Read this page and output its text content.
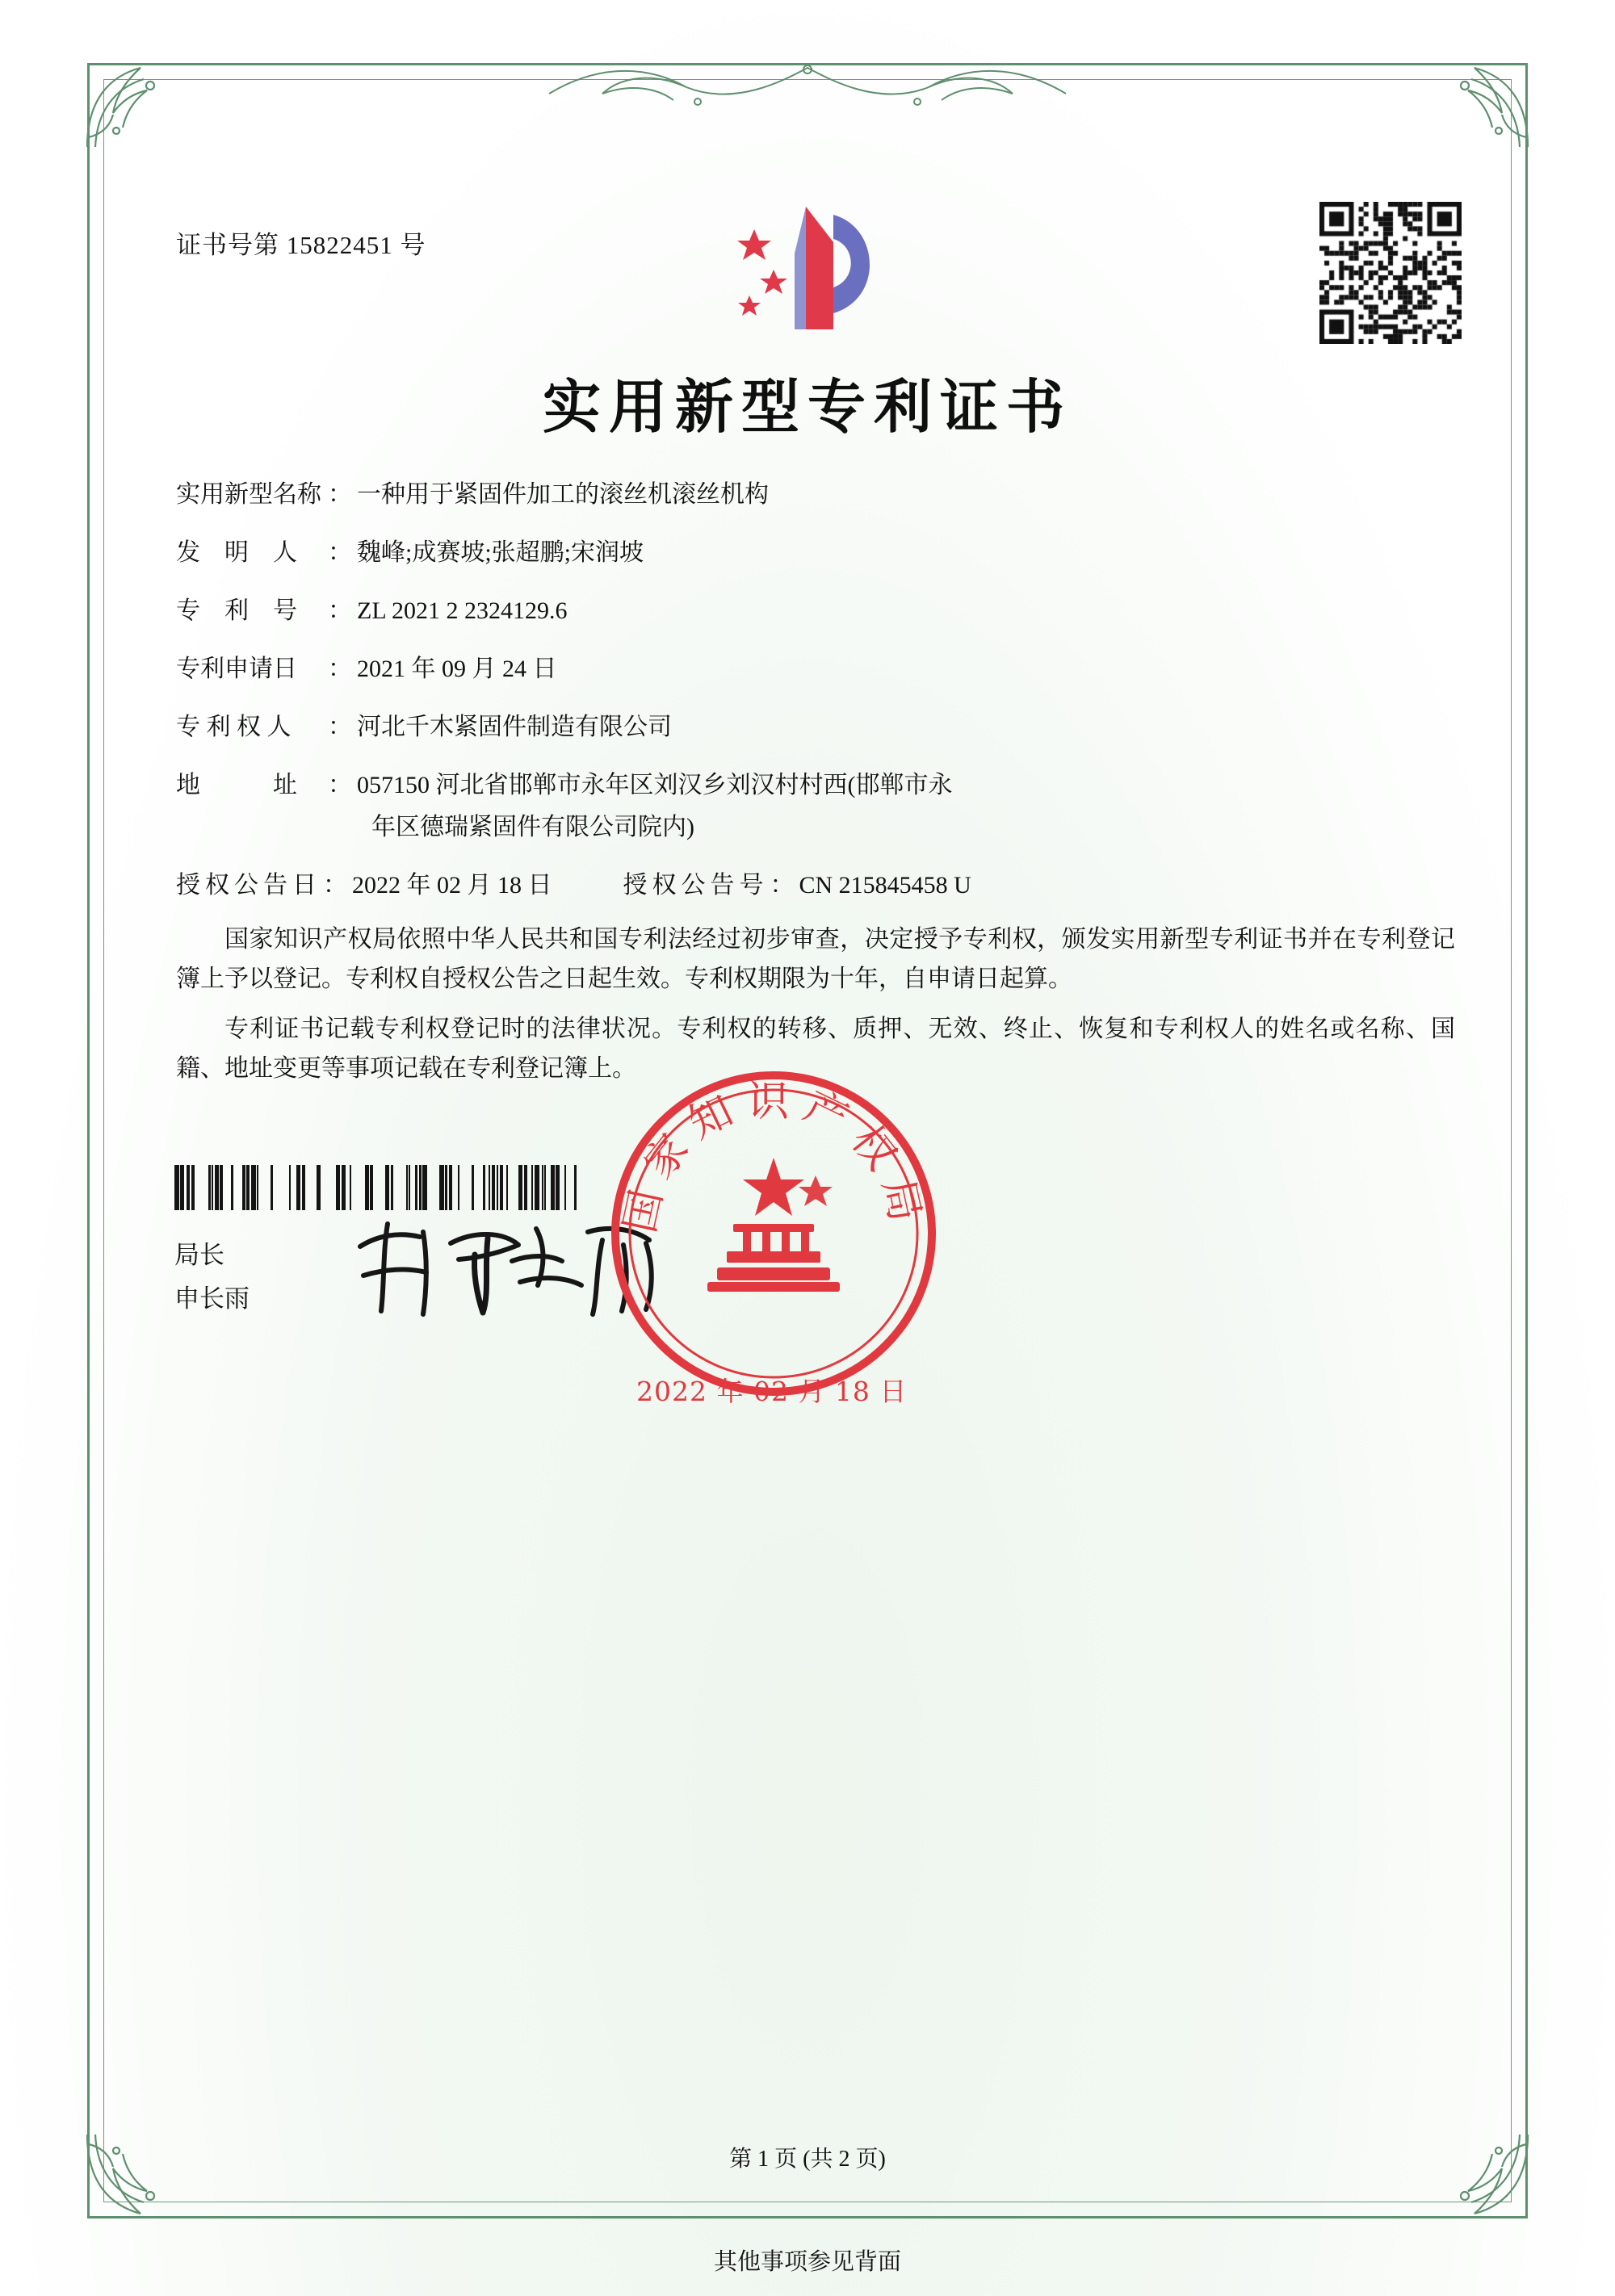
证书号第 15822451 号
实用新型专利证书
实用新型名称 ： 一种用于紧固件加工的滚丝机滚丝机构
发　明　人	： 魏峰;成赛坡;张超鹏;宋润坡
专　利　号	： ZL 2021 2 2324129.6
专利申请日	： 2021 年 09 月 24 日
专 利 权 人	： 河北千木紧固件制造有限公司
地　　　址	： 057150 河北省邯郸市永年区刘汉乡刘汉村村西(邯郸市永
年区德瑞紧固件有限公司院内)
授权公告日 ： 2022 年 02 月 18 日	授权公告号 ： CN 215845458 U

国家知识产权局依照中华人民共和国专利法经过初步审查，决定授予专利权，颁发实用新型专利证书并在专利登记簿上予以登记。专利权自授权公告之日起生效。专利权期限为十年，自申请日起算。

专利证书记载专利权登记时的法律状况。专利权的转移、质押、无效、终止、恢复和专利权人的姓名或名称、国籍、地址变更等事项记载在专利登记簿上。

局长
申长雨
国家知识产权局
2022 年 02 月 18 日
第 1 页 (共 2 页)
其他事项参见背面
